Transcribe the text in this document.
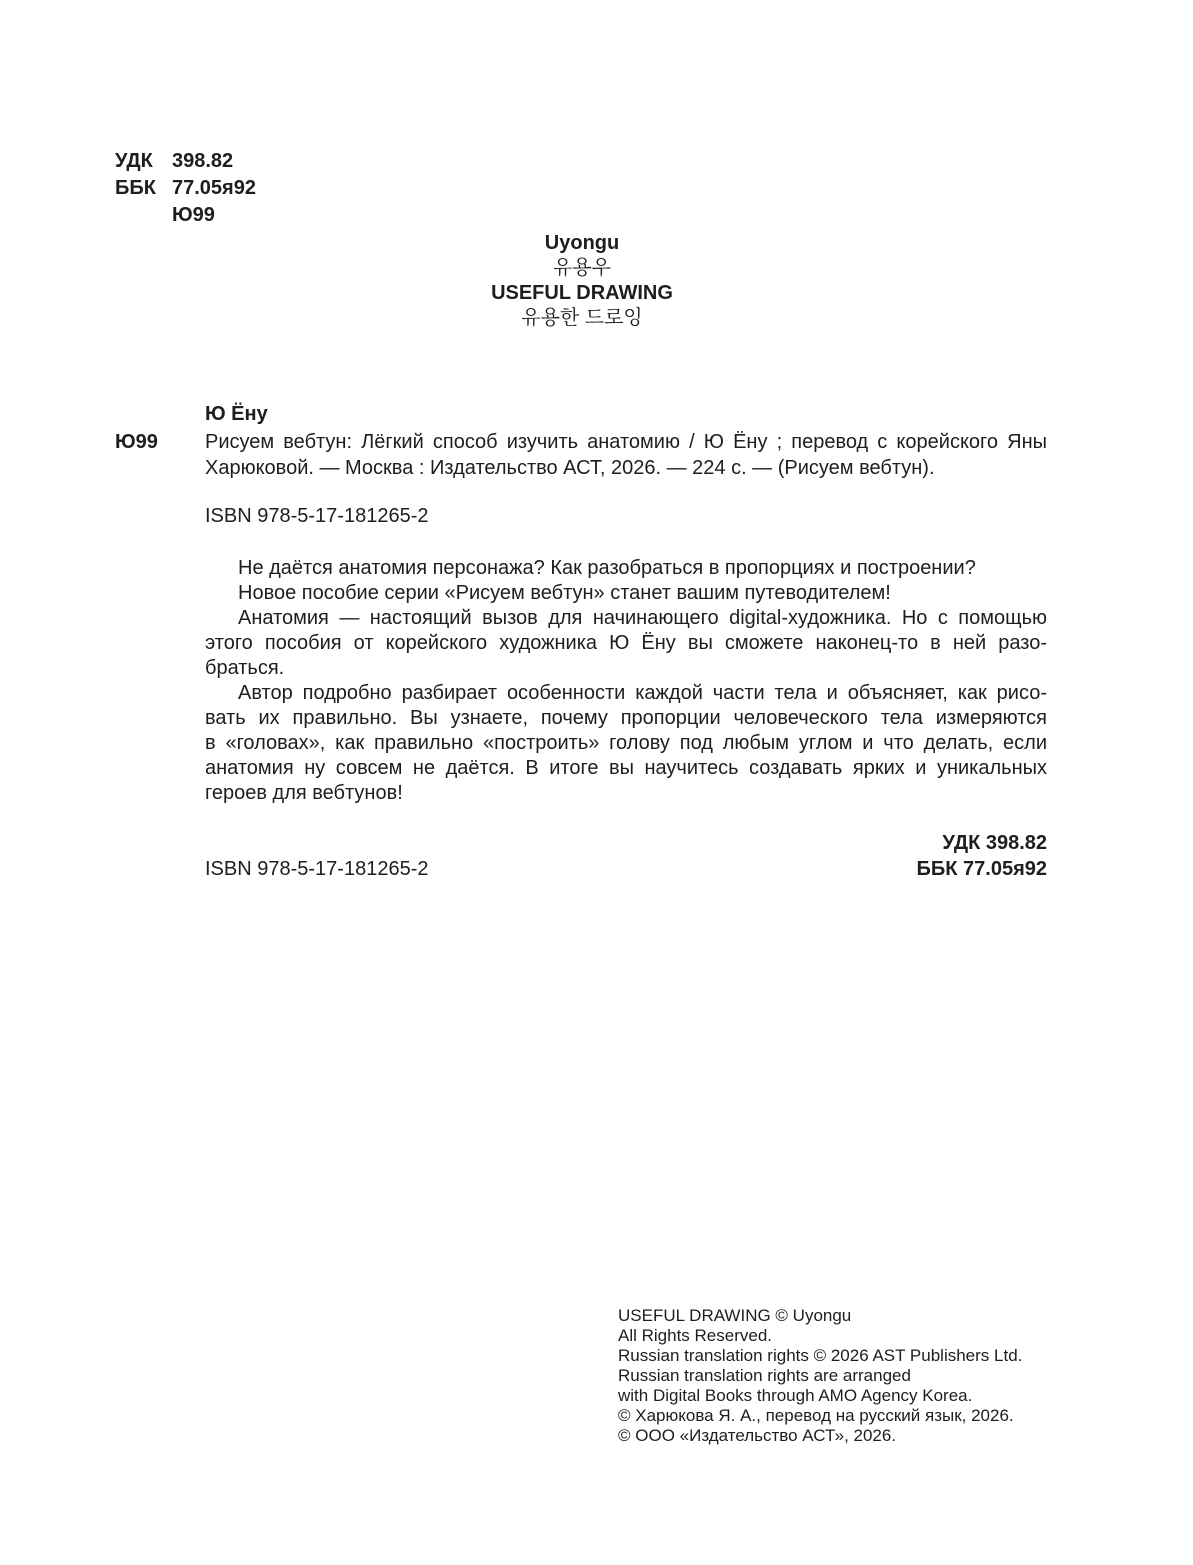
УДК 398.82
ББК 77.05я92
Ю99
Uyongu
유용우
USEFUL DRAWING
유용한 드로잉
Ю Ёну
Ю99 Рисуем вебтун: Лёгкий способ изучить анатомию / Ю Ёну ; перевод с корейского Яны
Харюковой. — Москва : Издательство АСТ, 2026. — 224 с. — (Рисуем вебтун).
ISBN 978-5-17-181265-2
Не даётся анатомия персонажа? Как разобраться в пропорциях и построении?
Новое пособие серии «Рисуем вебтун» станет вашим путеводителем!
Анатомия — настоящий вызов для начинающего digital-художника. Но с помощью
этого пособия от корейского художника Ю Ёну вы сможете наконец-то в ней разо-
браться.
Автор подробно разбирает особенности каждой части тела и объясняет, как рисо-
вать их правильно. Вы узнаете, почему пропорции человеческого тела измеряются
в «головах», как правильно «построить» голову под любым углом и что делать, если
анатомия ну совсем не даётся. В итоге вы научитесь создавать ярких и уникальных
героев для вебтунов!
УДК 398.82
ISBN 978-5-17-181265-2	ББК 77.05я92
USEFUL DRAWING © Uyongu
All Rights Reserved.
Russian translation rights © 2026 AST Publishers Ltd.
Russian translation rights are arranged
with Digital Books through AMO Agency Korea.
© Харюкова Я. А., перевод на русский язык, 2026.
© ООО «Издательство АСТ», 2026.
